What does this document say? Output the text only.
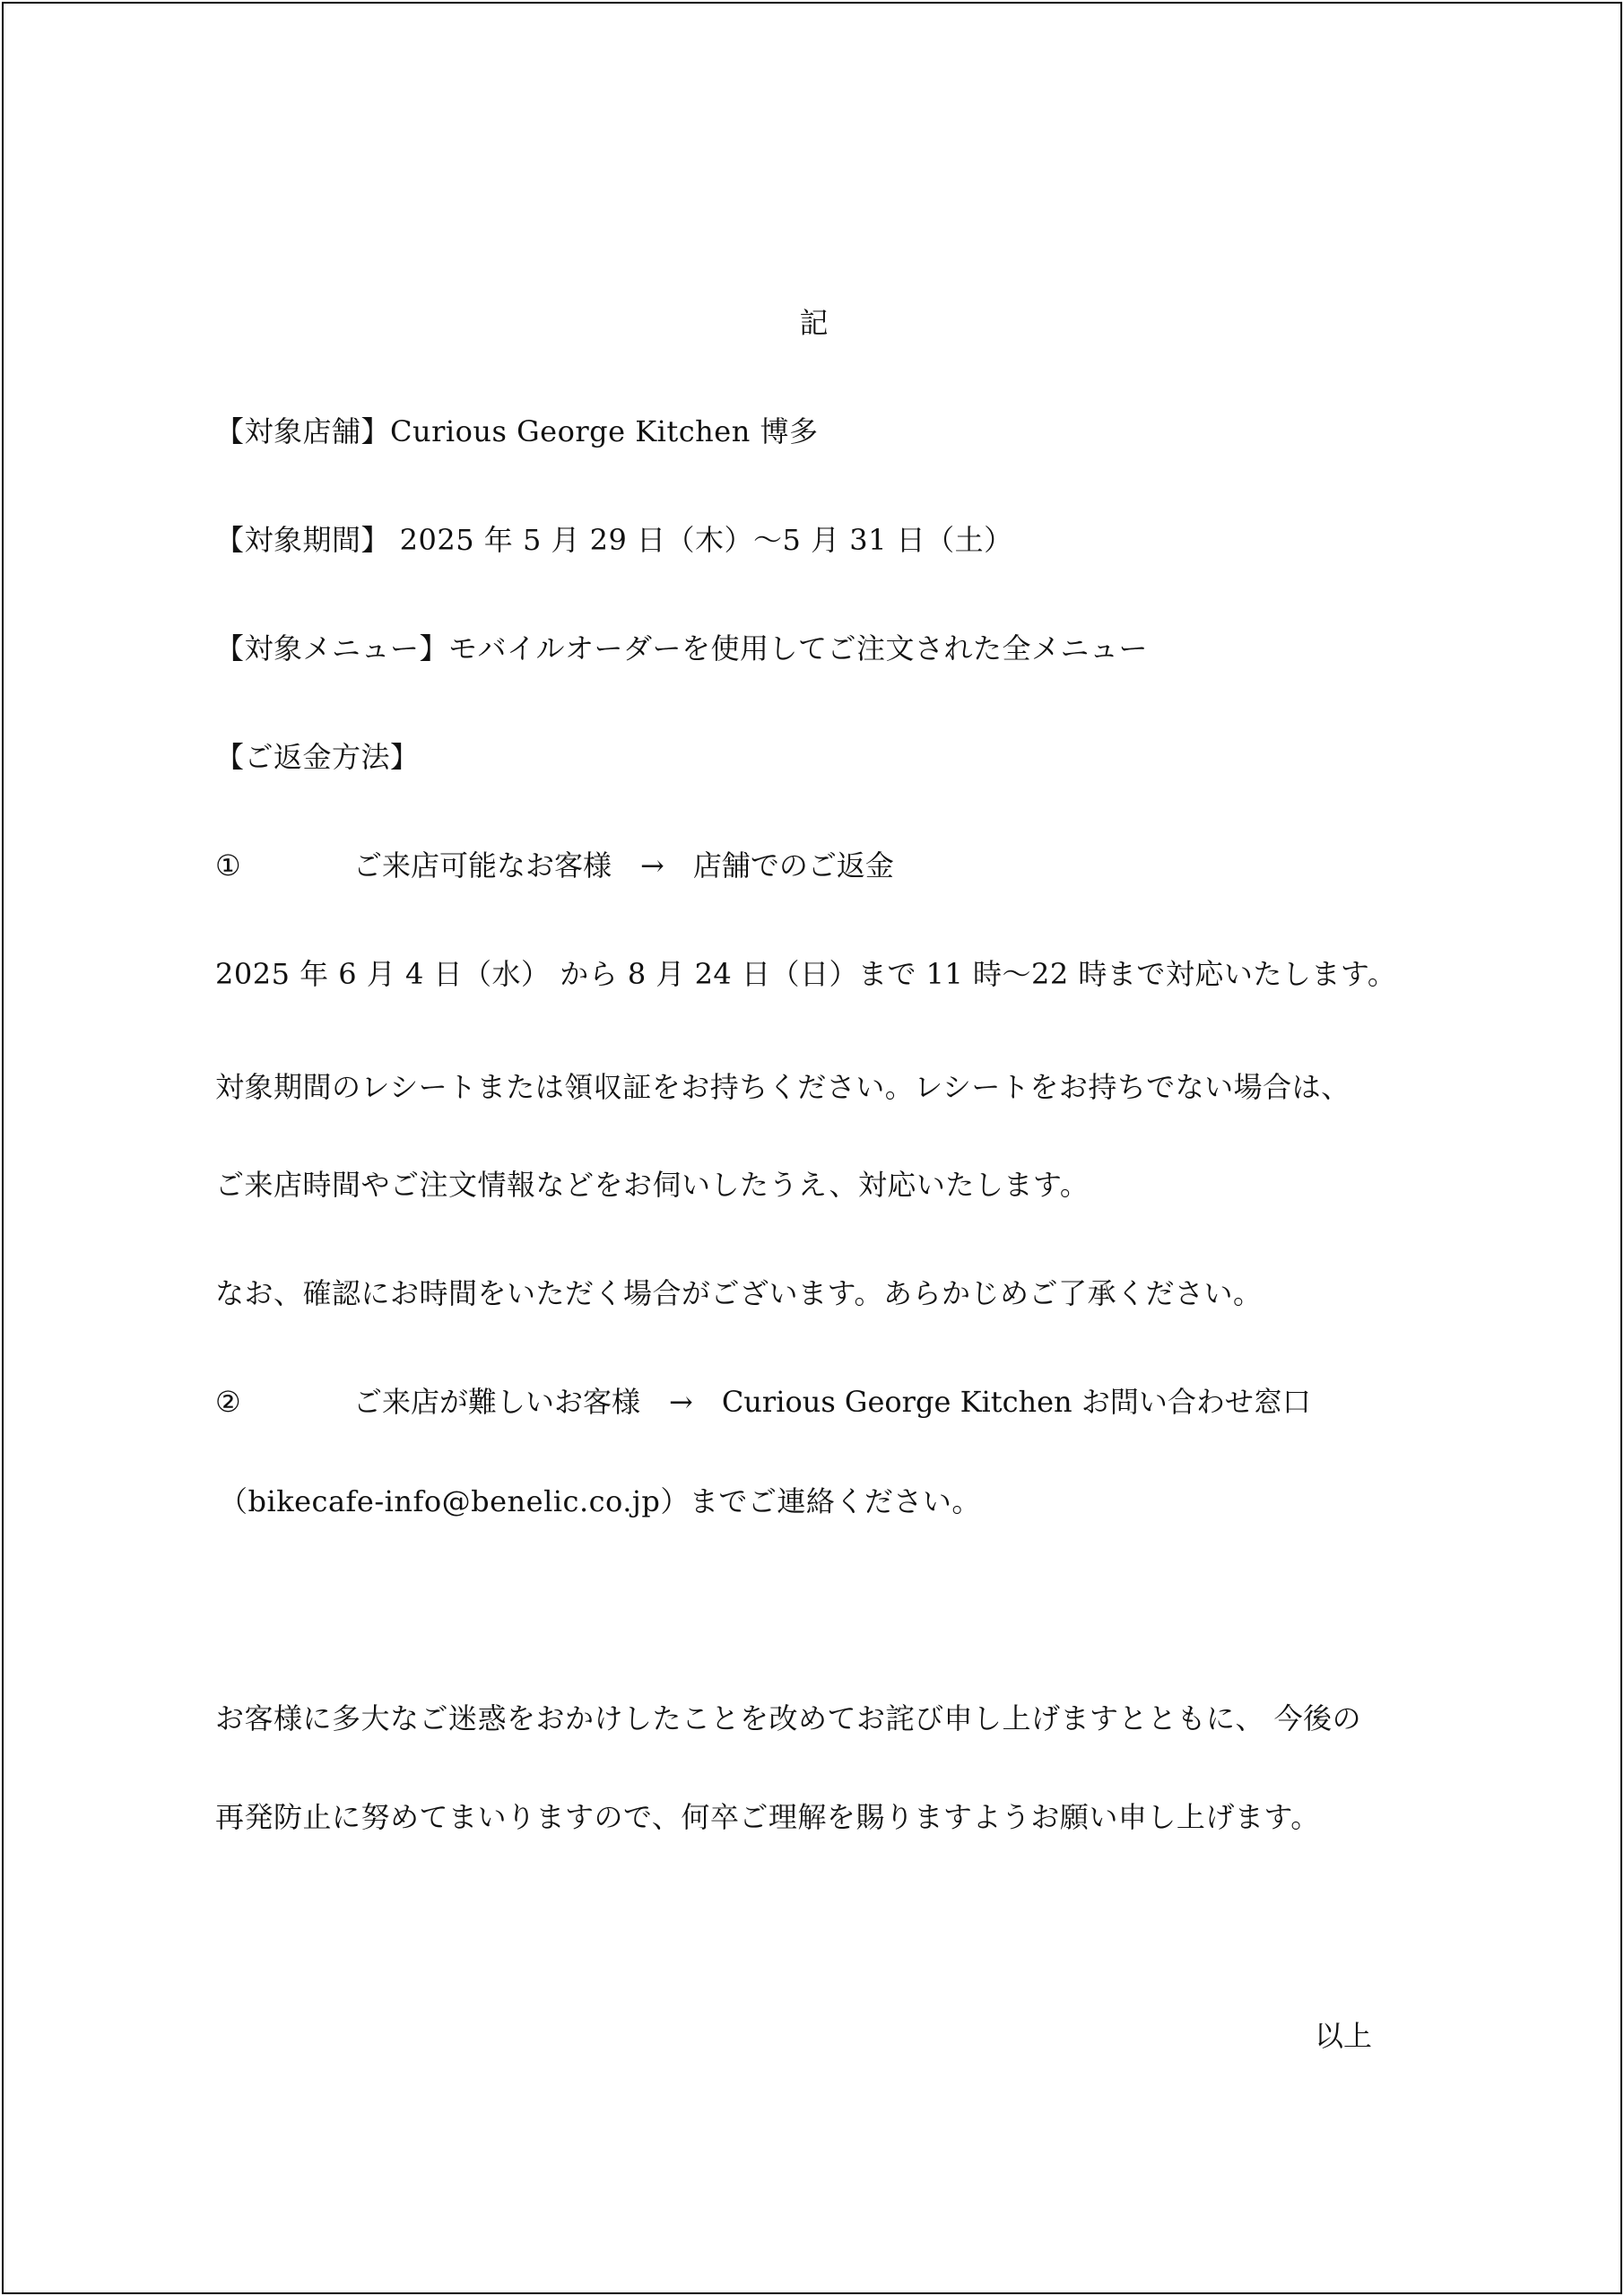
記
【対象店舗】Curious George Kitchen 博多
【対象期間】 2025 年 5 月 29 日（木）〜5 月 31 日（土）
【対象メニュー】モバイルオーダーを使用してご注文された全メニュー
【ご返金方法】
①	ご来店可能なお客様　→　店舗でのご返金
2025 年 6 月 4 日（水） から 8 月 24 日（日）まで 11 時〜22 時まで対応いたします。
対象期間のレシートまたは領収証をお持ちください。レシートをお持ちでない場合は、
ご来店時間やご注文情報などをお伺いしたうえ、対応いたします。
なお、確認にお時間をいただく場合がございます。あらかじめご了承ください。
②	ご来店が難しいお客様　→　Curious George Kitchen お問い合わせ窓口
（bikecafe-info@benelic.co.jp）までご連絡ください。
お客様に多大なご迷惑をおかけしたことを改めてお詫び申し上げますとともに、 今後の
再発防止に努めてまいりますので、何卒ご理解を賜りますようお願い申し上げます。
以上
